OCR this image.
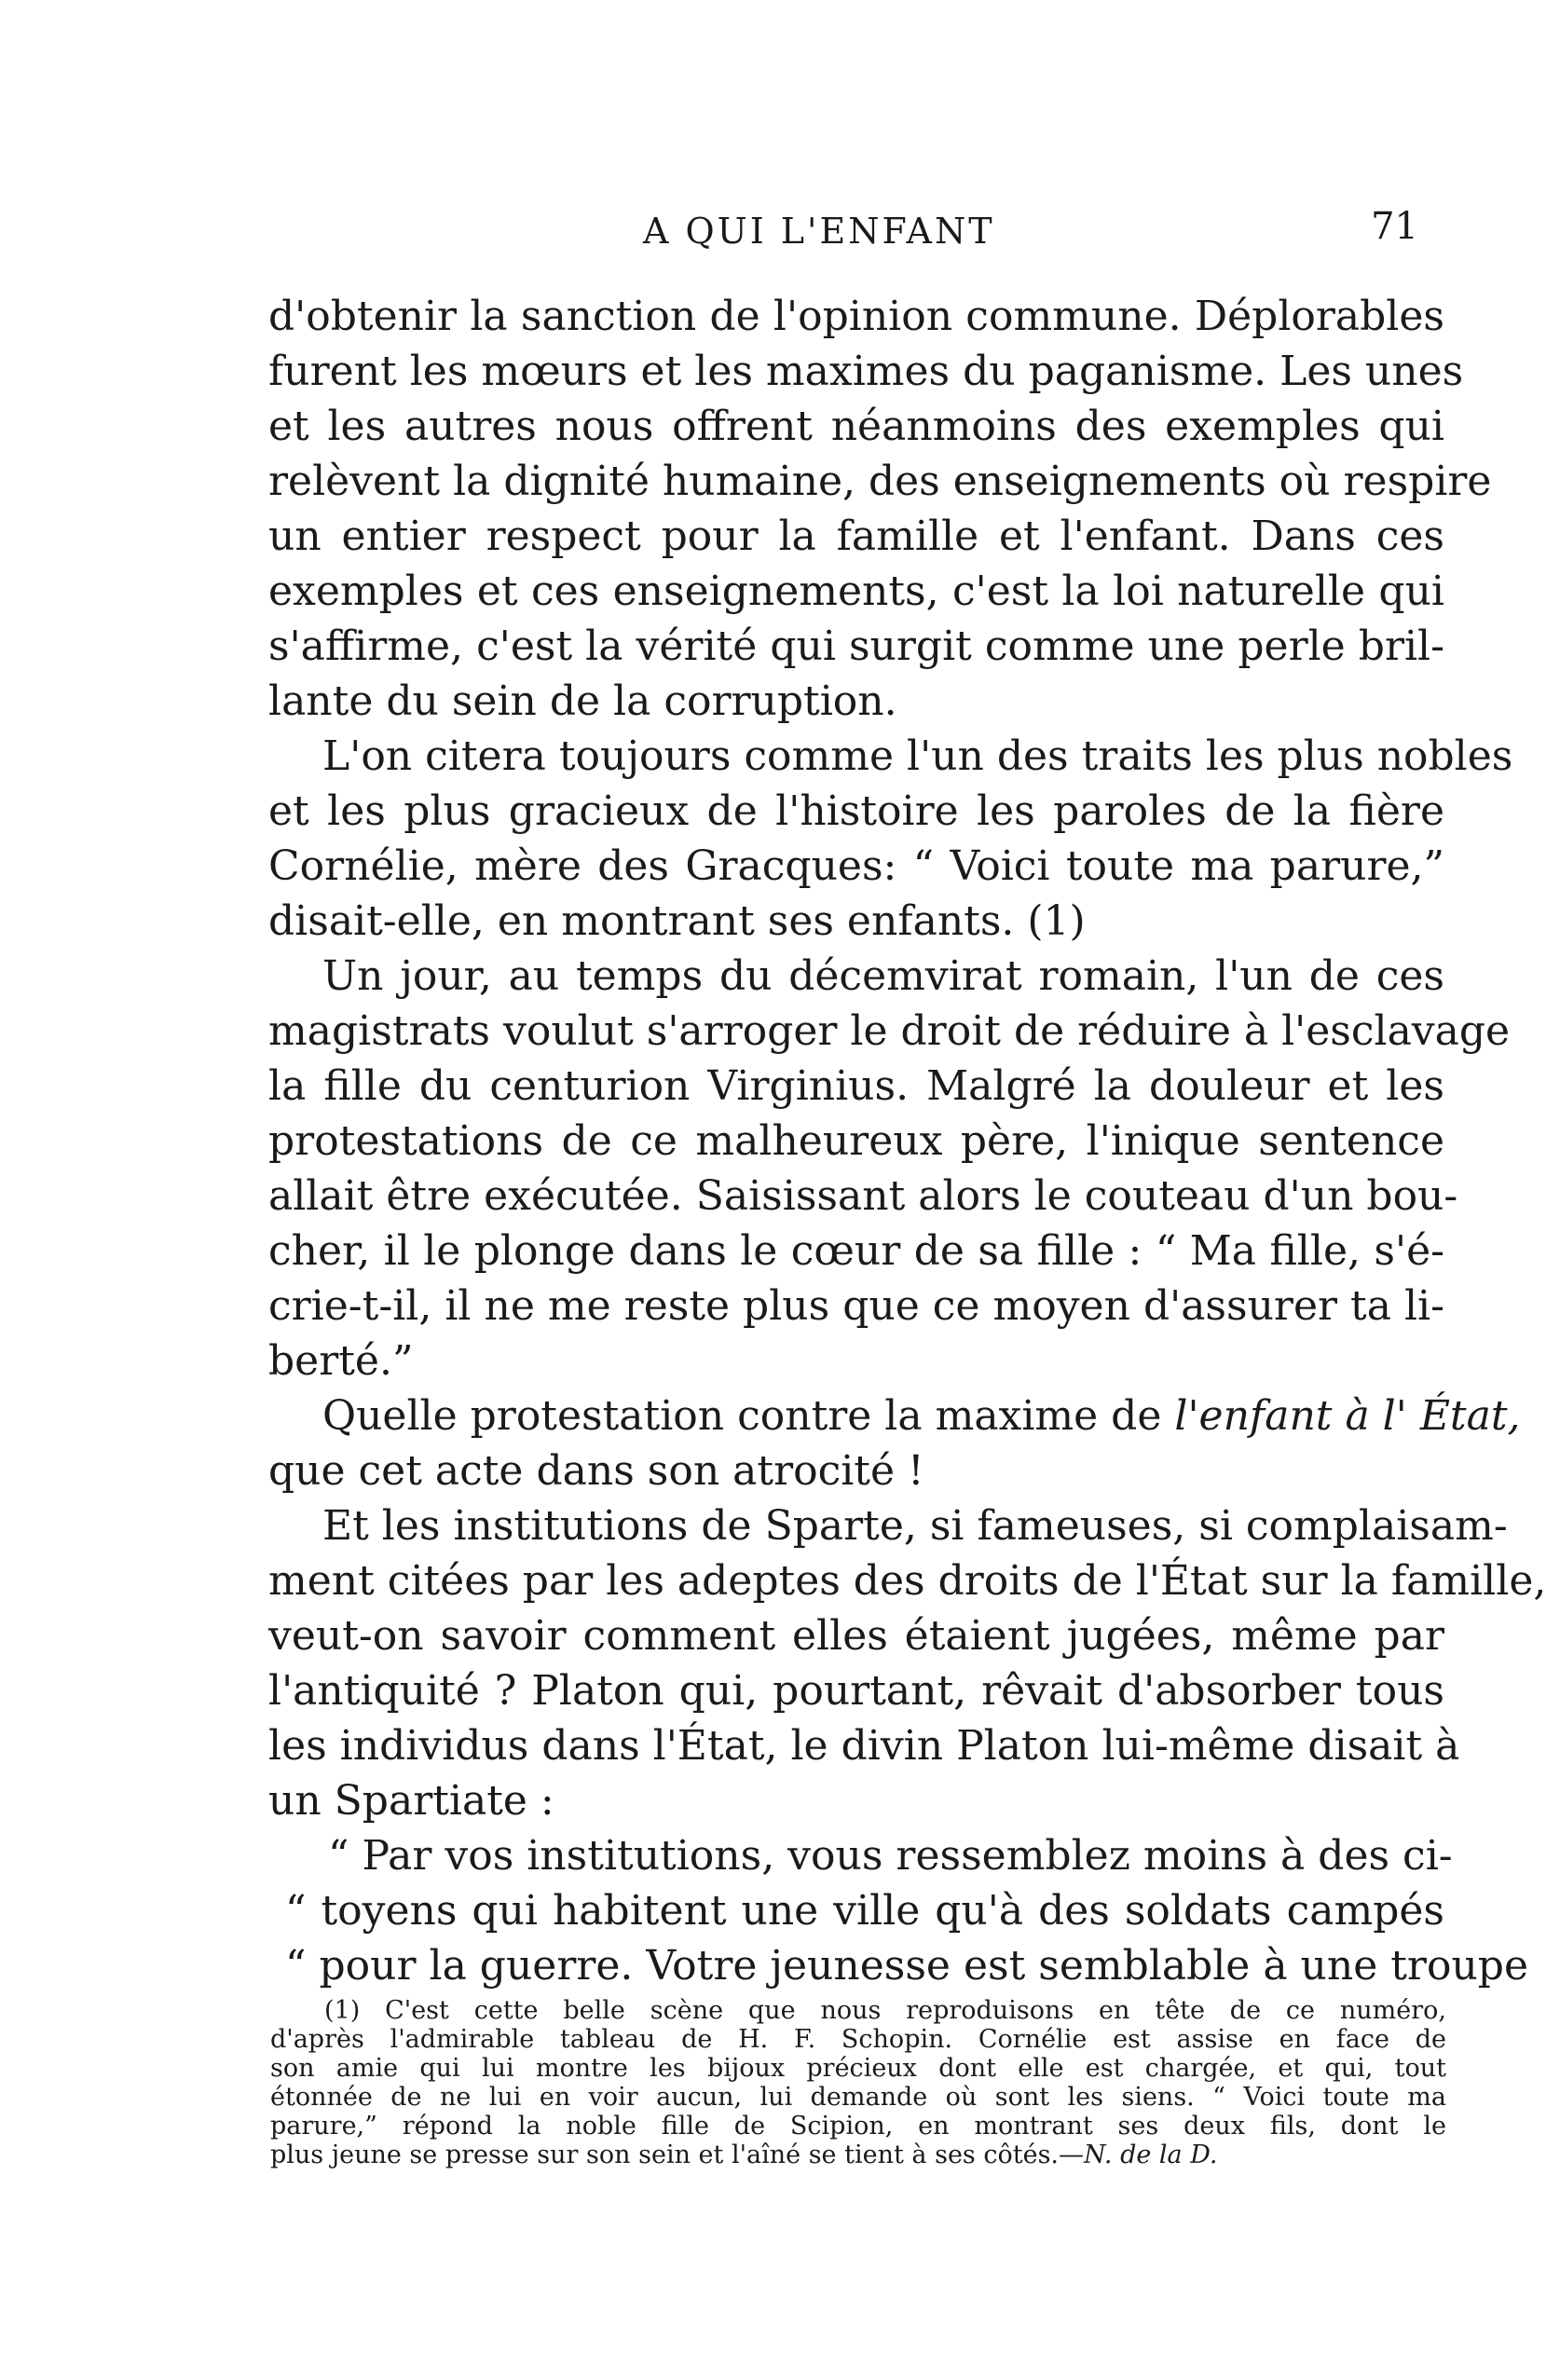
A QUI L'ENFANT	71
d'obtenir la sanction de l'opinion commune. Déplorables
furent les mœurs et les maximes du paganisme. Les unes
et les autres nous offrent néanmoins des exemples qui
relèvent la dignité humaine, des enseignements où respire
un entier respect pour la famille et l'enfant. Dans ces
exemples et ces enseignements, c'est la loi naturelle qui
s'affirme, c'est la vérité qui surgit comme une perle bril-
lante du sein de la corruption.
L'on citera toujours comme l'un des traits les plus nobles
et les plus gracieux de l'histoire les paroles de la fière
Cornélie, mère des Gracques: “ Voici toute ma parure,”
disait-elle, en montrant ses enfants. (1)
Un jour, au temps du décemvirat romain, l'un de ces
magistrats voulut s'arroger le droit de réduire à l'esclavage
la fille du centurion Virginius. Malgré la douleur et les
protestations de ce malheureux père, l'inique sentence
allait être exécutée. Saisissant alors le couteau d'un bou-
cher, il le plonge dans le cœur de sa fille : “ Ma fille, s'é-
crie-t-il, il ne me reste plus que ce moyen d'assurer ta li-
berté.”
Quelle protestation contre la maxime de l'enfant à l' État,
que cet acte dans son atrocité !
Et les institutions de Sparte, si fameuses, si complaisam-
ment citées par les adeptes des droits de l'État sur la famille,
veut-on savoir comment elles étaient jugées, même par
l'antiquité ? Platon qui, pourtant, rêvait d'absorber tous
les individus dans l'État, le divin Platon lui-même disait à
un Spartiate :
“ Par vos institutions, vous ressemblez moins à des ci-
“ toyens qui habitent une ville qu'à des soldats campés
“ pour la guerre. Votre jeunesse est semblable à une troupe
(1) C'est cette belle scène que nous reproduisons en tête de ce numéro,
d'après l'admirable tableau de H. F. Schopin. Cornélie est assise en face de
son amie qui lui montre les bijoux précieux dont elle est chargée, et qui, tout
étonnée de ne lui en voir aucun, lui demande où sont les siens. “ Voici toute ma
parure,” répond la noble fille de Scipion, en montrant ses deux fils, dont le
plus jeune se presse sur son sein et l'aîné se tient à ses côtés.—N. de la D.
